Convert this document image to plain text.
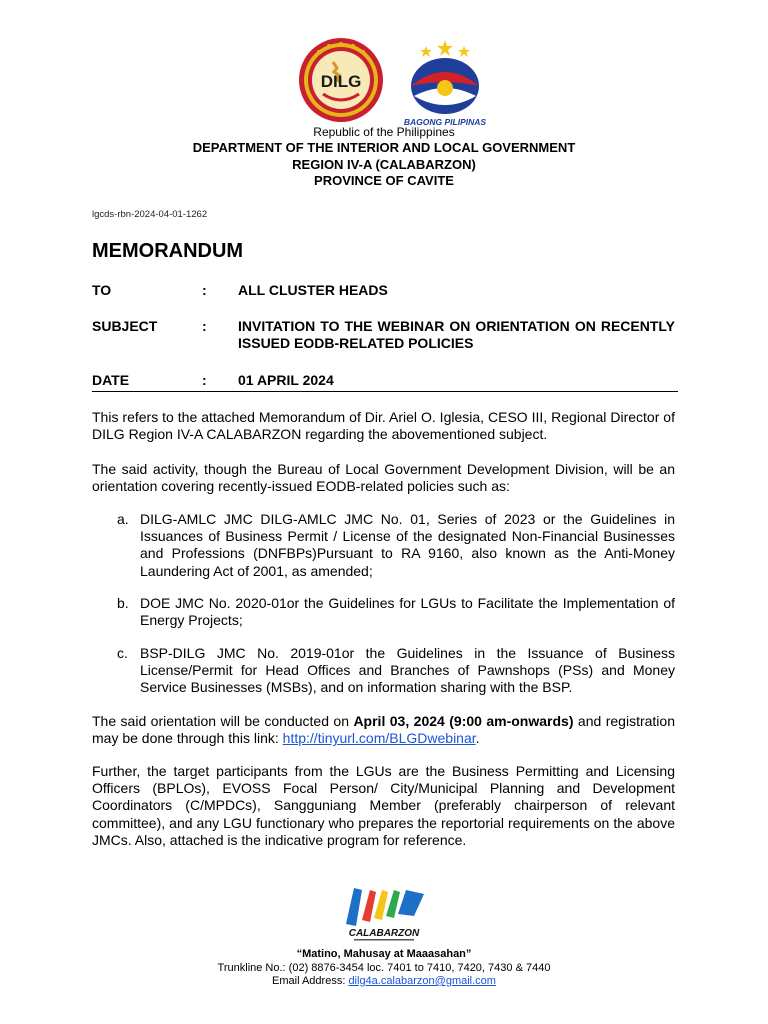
DILG
BAGONG PILIPINAS
Republic of the Philippines
DEPARTMENT OF THE INTERIOR AND LOCAL GOVERNMENT
REGION IV-A (CALABARZON)
PROVINCE OF CAVITE
lgcds-rbn-2024-04-01-1262
MEMORANDUM
TO	: ALL CLUSTER HEADS
SUBJECT	: INVITATION TO THE WEBINAR ON ORIENTATION ON RECENTLY ISSUED EODB-RELATED POLICIES
DATE	: 01 APRIL 2024
This refers to the attached Memorandum of Dir. Ariel O. Iglesia, CESO III, Regional Director of DILG Region IV-A CALABARZON regarding the abovementioned subject.
The said activity, though the Bureau of Local Government Development Division, will be an orientation covering recently-issued EODB-related policies such as:
a. DILG-AMLC JMC DILG-AMLC JMC No. 01, Series of 2023 or the Guidelines in Issuances of Business Permit / License of the designated Non-Financial Businesses and Professions (DNFBPs)Pursuant to RA 9160, also known as the Anti-Money Laundering Act of 2001, as amended;
b. DOE JMC No. 2020-01or the Guidelines for LGUs to Facilitate the Implementation of Energy Projects;
c. BSP-DILG JMC No. 2019-01or the Guidelines in the Issuance of Business License/Permit for Head Offices and Branches of Pawnshops (PSs) and Money Service Businesses (MSBs), and on information sharing with the BSP.
The said orientation will be conducted on April 03, 2024 (9:00 am-onwards) and registration may be done through this link: http://tinyurl.com/BLGDwebinar.
Further, the target participants from the LGUs are the Business Permitting and Licensing Officers (BPLOs), EVOSS Focal Person/ City/Municipal Planning and Development Coordinators (C/MPDCs), Sangguniang Member (preferably chairperson of relevant committee), and any LGU functionary who prepares the reportorial requirements on the above JMCs. Also, attached is the indicative program for reference.
CALABARZON
“Matino, Mahusay at Maaasahan”
Trunkline No.: (02) 8876-3454 loc. 7401 to 7410, 7420, 7430 & 7440
Email Address: dilg4a.calabarzon@gmail.com
